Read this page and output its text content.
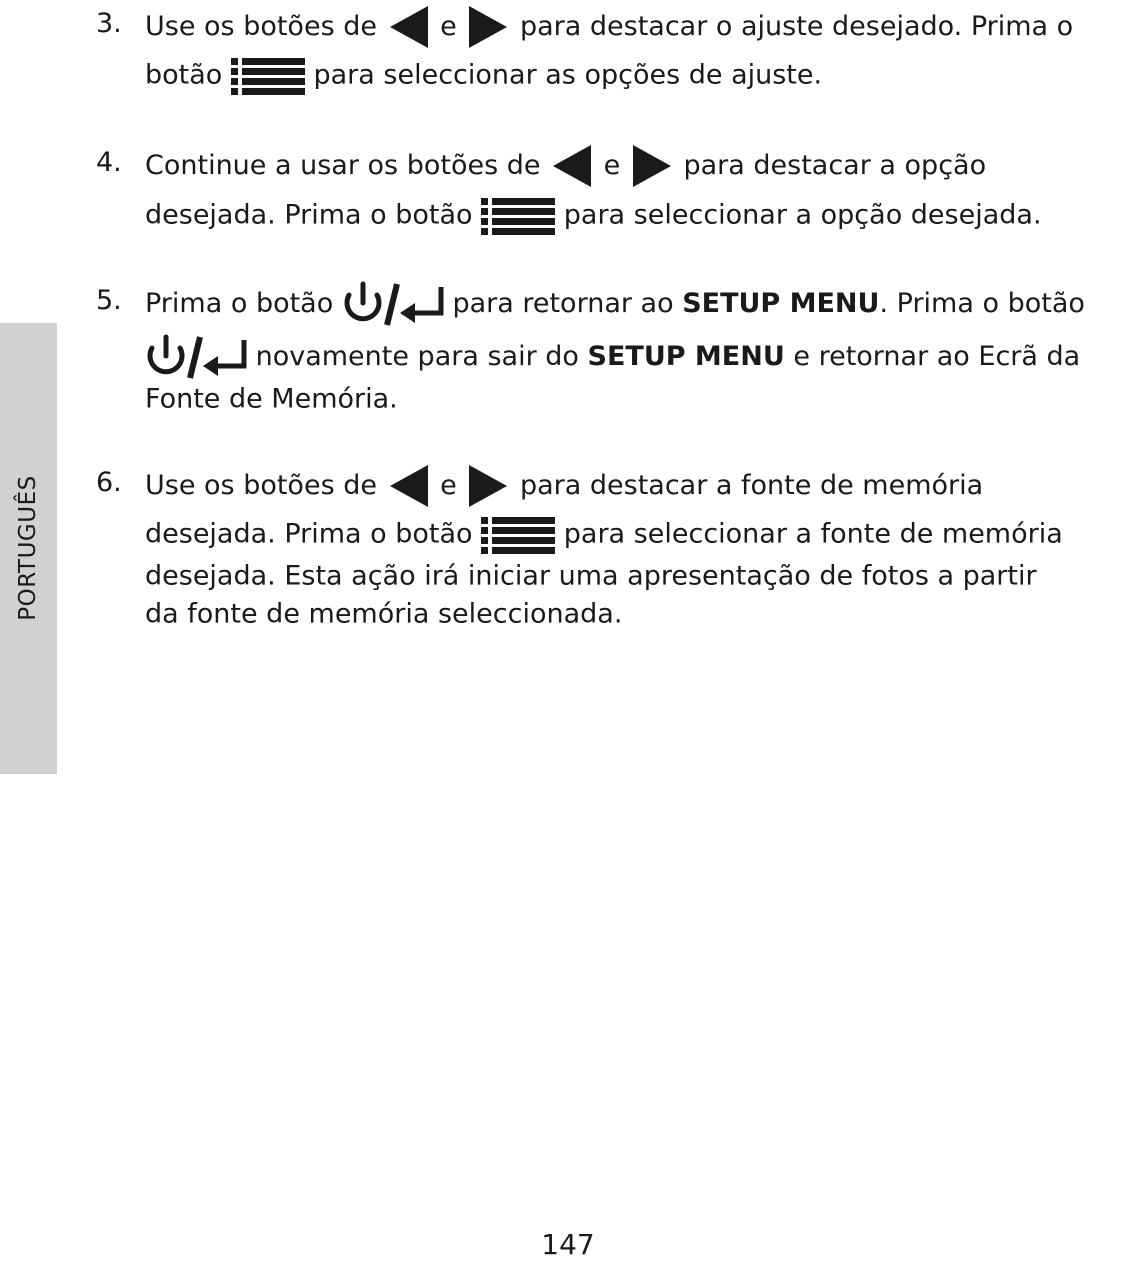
PORTUGUÊS
3. Use os botões de e para destacar o ajuste desejado. Prima o
botão	para seleccionar as opções de ajuste.
4. Continue a usar os botões de e para destacar a opção
desejada. Prima o botão	para seleccionar a opção desejada.
5. Prima o botão	para retornar ao SETUP MENU. Prima o botão
novamente para sair do SETUP MENU e retornar ao Ecrã da
Fonte de Memória.
6. Use os botões de e para destacar a fonte de memória
desejada. Prima o botão	para seleccionar a fonte de memória
desejada. Esta ação irá iniciar uma apresentação de fotos a partir
da fonte de memória seleccionada.
147
